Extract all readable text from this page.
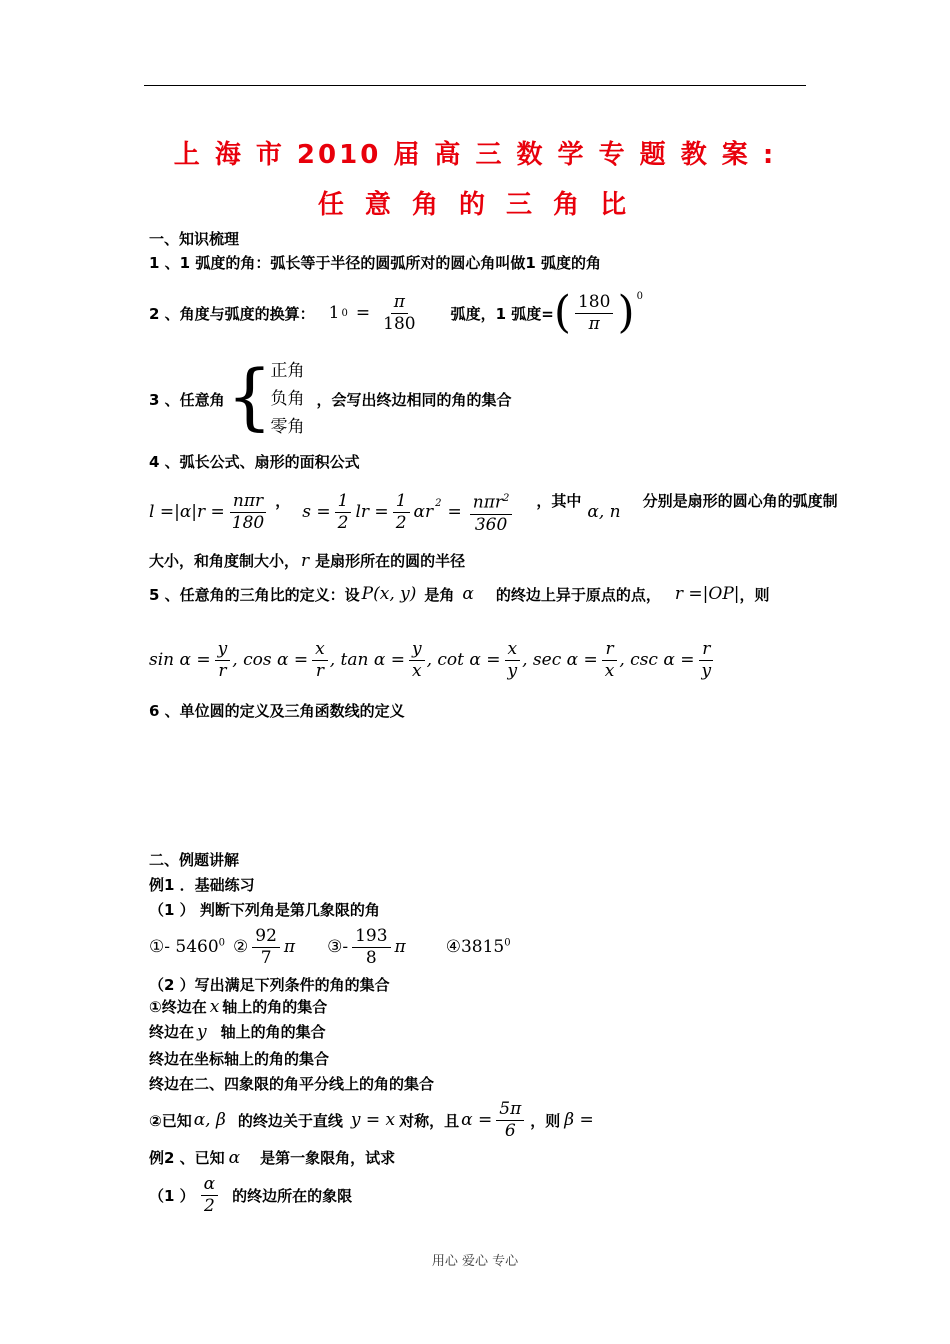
上 海 市 2010 届 高 三 数 学 专 题 教 案 :
任 意 角 的 三 角 比
一、知识梳理
1 、1 弧度的角：弧长等于半径的圆弧所对的圆心角叫做1 弧度的角
2 、角度与弧度的换算： 1 $0 = \frac{\pi}{180}$ 弧度，1 弧度= ( $\frac{180}{\pi}$ ) 0
3 、任意角 {
正角
负角
零角
，会写出终边相同的角的集合
4 、弧长公式、扇形的面积公式
$l =|\alpha|r = \frac{\text{nπr}}{180}$ ，
$s = \frac{1}{2}$ lr = $\frac{1}{2}$ αr $2 = \frac{n\pi r^2}{360}$ ，其中
α, n
分别是扇形的圆心角的弧度制
大小，和角度制大小， r 是扇形所在的圆的半径
5 、任意角的三角比的定义：设 P(x, y) 是角 α 的终边上异于原点的点， r =|OP| ，则
$\sin \alpha = \frac{y}{r}$ , $\cos \alpha = \frac{x}{r}$ , $\tan \alpha = \frac{y}{x}$ , $\cot \alpha = \frac{x}{y}$ , $\sec \alpha = \frac{r}{x}$ , $\csc \alpha = \frac{r}{y}$
6 、单位圆的定义及三角函数线的定义
二、例题讲解
例1 ．基础练习
（1 ） 判断下列角是第几象限的角
①- 5460$^0$ ② $\frac{92}{7}$ π ③- $\frac{193}{8}$ π ④3815$^0$
（2 ）写出满足下列条件的角的集合
①终边在 x 轴上的角的集合
终边在 y 轴上的角的集合
终边在坐标轴上的角的集合
终边在二、四象限的角平分线上的角的集合
②已知 α, β 的终边关于直线 y = x 对称，且 $\alpha = \frac{5\pi}{6}$ ，则 β =
例2 、已知 α 是第一象限角，试求
（1 ） $\frac{\alpha}{2}$ 的终边所在的象限
用心 爱心 专心
